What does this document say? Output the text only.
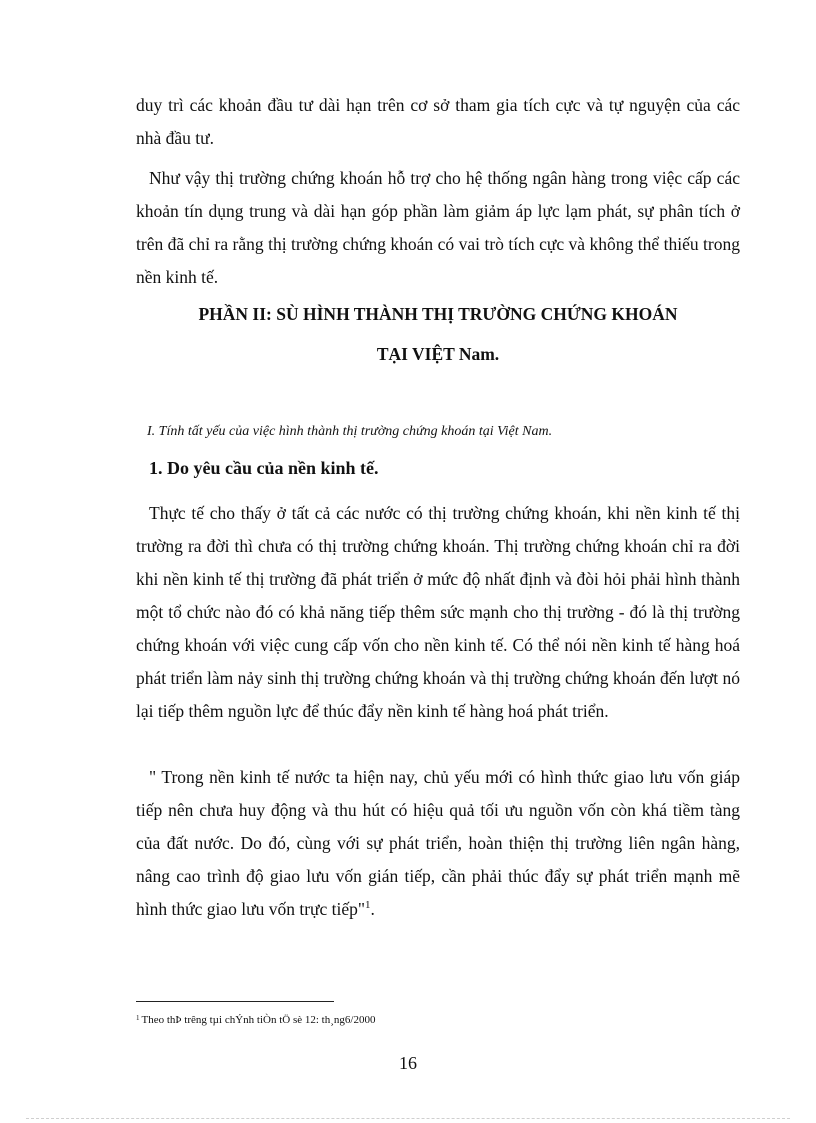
duy trì các khoản đầu tư dài hạn trên cơ sở tham gia tích cực và tự nguyện của các nhà đầu tư.

Như vậy thị trường chứng khoán hỗ trợ cho hệ thống ngân hàng trong việc cấp các khoản tín dụng trung và dài hạn góp phần làm giảm áp lực lạm phát, sự phân tích ở trên đã chỉ ra rằng thị trường chứng khoán có vai trò tích cực và không thể thiếu trong nền kinh tế.

PHẦN II: SÙ HÌNH THÀNH THỊ TRƯỜNG CHỨNG KHOÁN

TẠI VIỆT Nam.

I. Tính tất yếu của việc hình thành thị trường chứng khoán tại Việt Nam.

1. Do yêu cầu của nền kinh tế.

Thực tế cho thấy ở tất cả các nước có thị trường chứng khoán, khi nền kinh tế thị trường ra đời thì chưa có thị trường chứng khoán. Thị trường chứng khoán chỉ ra đời khi nền kinh tế thị trường đã phát triển ở mức độ nhất định và đòi hỏi phải hình thành một tổ chức nào đó có khả năng tiếp thêm sức mạnh cho thị trường - đó là thị trường chứng khoán với việc cung cấp vốn cho nền kinh tế. Có thể nói nền kinh tế hàng hoá phát triển làm nảy sinh thị trường chứng khoán và thị trường chứng khoán đến lượt nó lại tiếp thêm nguồn lực để thúc đẩy nền kinh tế hàng hoá phát triển.

" Trong nền kinh tế nước ta hiện nay, chủ yếu mới có hình thức giao lưu vốn giáp tiếp nên chưa huy động và thu hút có hiệu quả tối ưu nguồn vốn còn khá tiềm tàng của đất nước. Do đó, cùng với sự phát triển, hoàn thiện thị trường liên ngân hàng, nâng cao trình độ giao lưu vốn gián tiếp, cần phải thúc đẩy sự phát triển mạnh mẽ hình thức giao lưu vốn trực tiếp"$^1$.

$^1$ Theo thÞ trêng tµi chÝnh tiÒn tÖ sè 12: th¸ng6/2000

16
